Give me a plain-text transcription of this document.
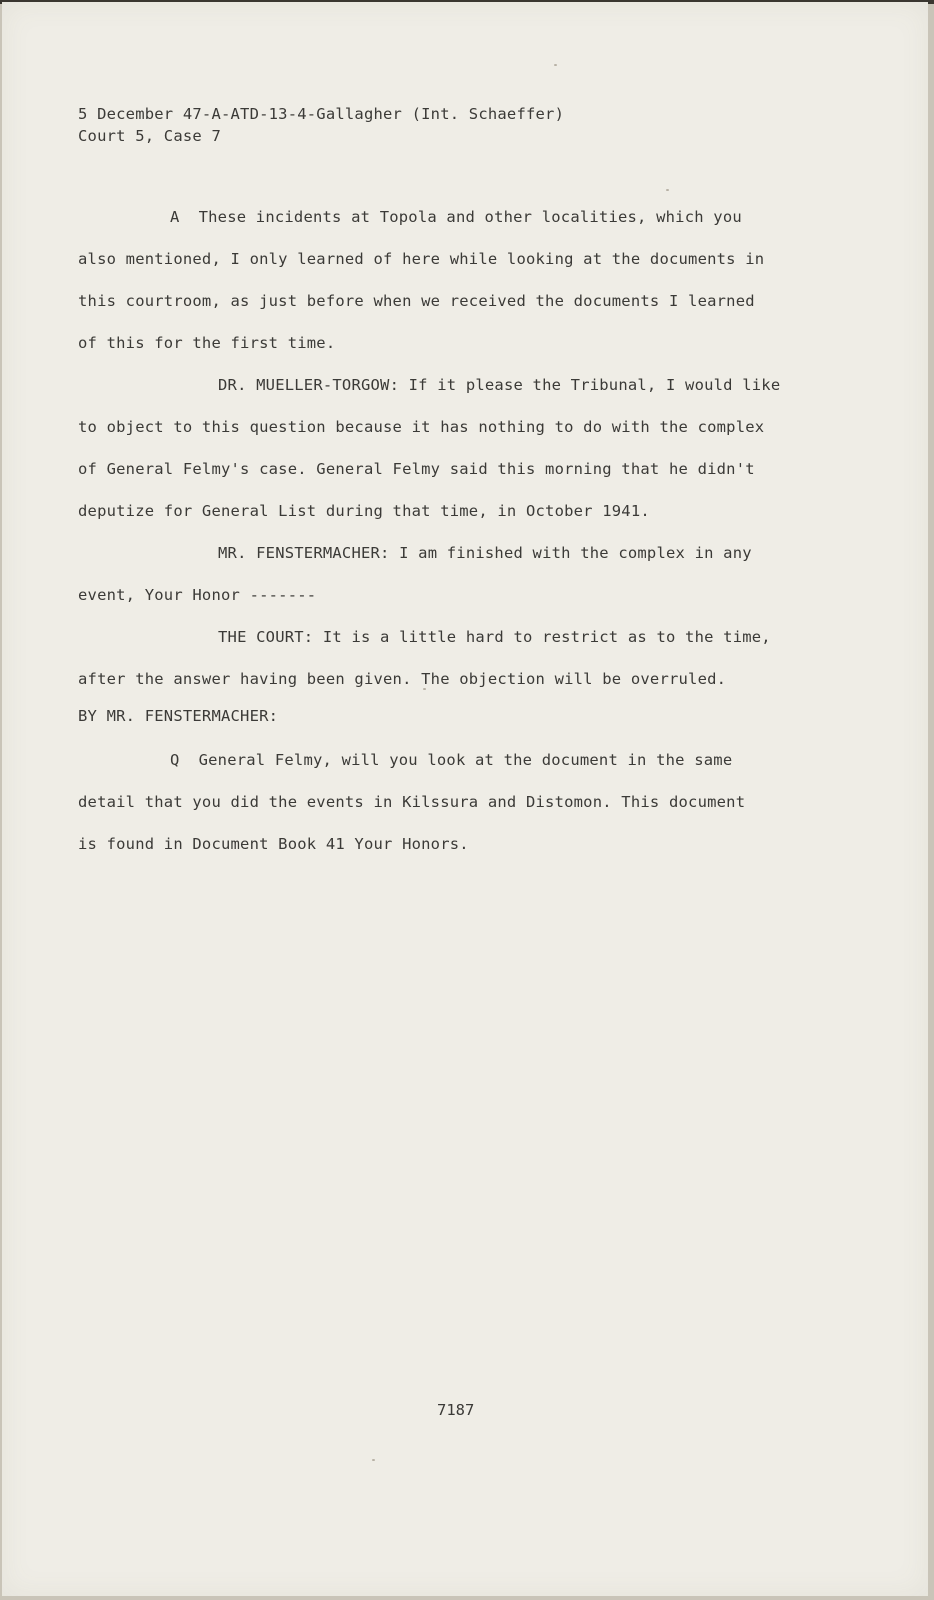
5 December 47-A-ATD-13-4-Gallagher (Int. Schaeffer)
Court 5, Case 7
A  These incidents at Topola and other localities, which you
also mentioned, I only learned of here while looking at the documents in
this courtroom, as just before when we received the documents I learned
of this for the first time.
DR. MUELLER-TORGOW: If it please the Tribunal, I would like
to object to this question because it has nothing to do with the complex
of General Felmy's case. General Felmy said this morning that he didn't
deputize for General List during that time, in October 1941.
MR. FENSTERMACHER: I am finished with the complex in any
event, Your Honor -------
THE COURT: It is a little hard to restrict as to the time,
after the answer having been given. The objection will be overruled.
BY MR. FENSTERMACHER:
Q  General Felmy, will you look at the document in the same
detail that you did the events in Kilssura and Distomon. This document
is found in Document Book 41 Your Honors.
7187
